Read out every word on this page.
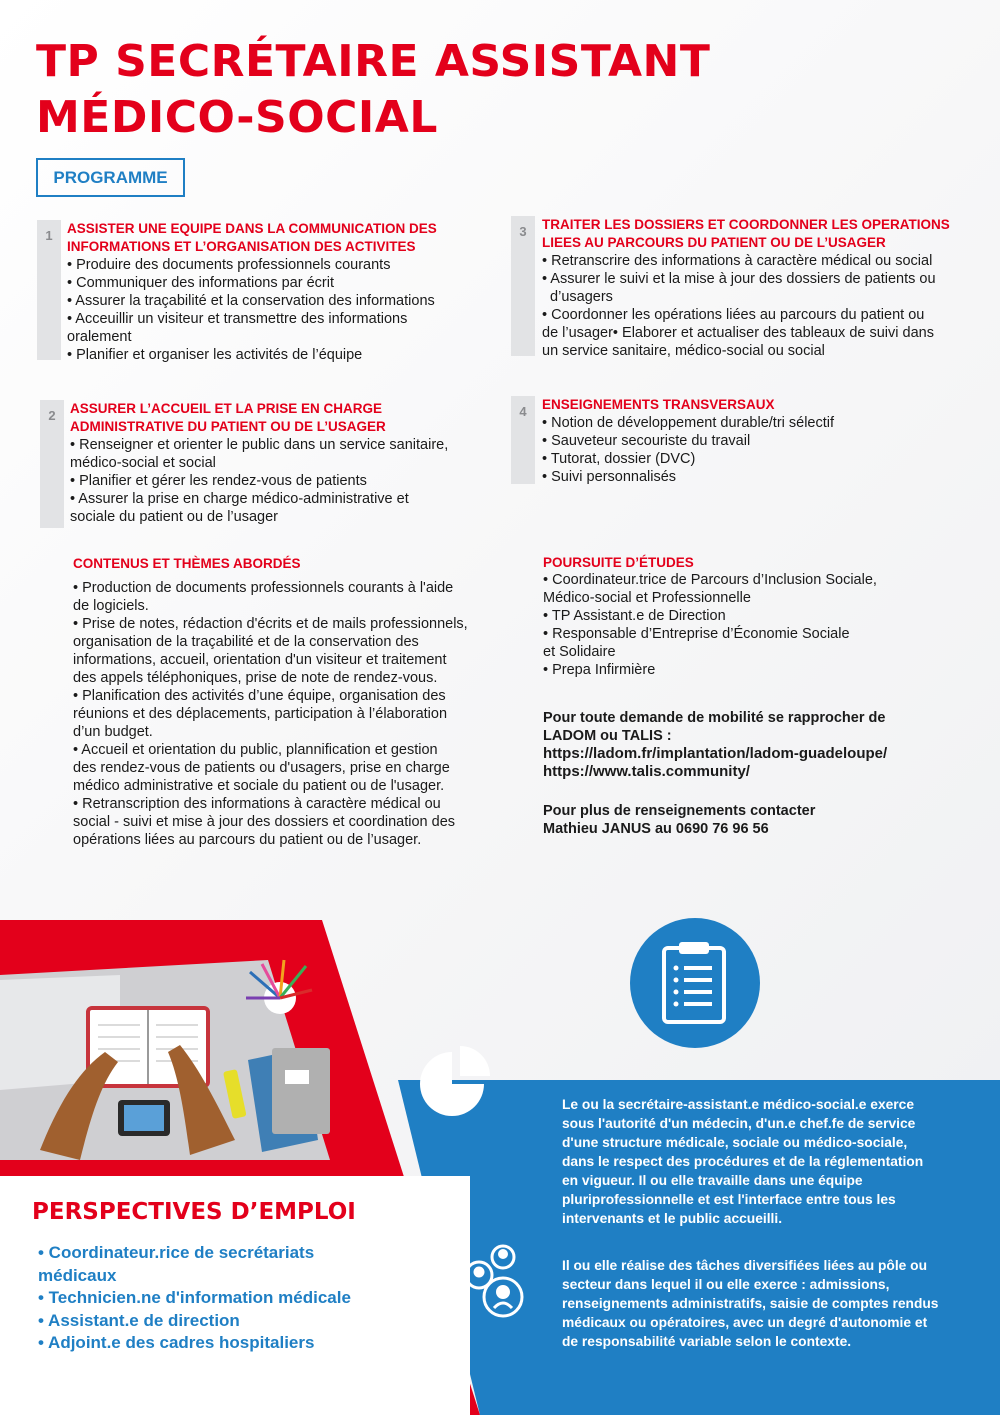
TP SECRÉTAIRE ASSISTANT
MÉDICO-SOCIAL
PROGRAMME
1	ASSISTER UNE EQUIPE DANS LA COMMUNICATION DES
INFORMATIONS ET L’ORGANISATION DES ACTIVITES
• Produire des documents professionnels courants
• Communiquer des informations par écrit
• Assurer la traçabilité et la conservation des informations
• Acceuillir un visiteur et transmettre des informations
oralement
• Planifier et organiser les activités de l’équipe
2	ASSURER L’ACCUEIL ET LA PRISE EN CHARGE
ADMINISTRATIVE DU PATIENT OU DE L’USAGER
• Renseigner et orienter le public dans un service sanitaire,
médico-social et social
• Planifier et gérer les rendez-vous de patients
• Assurer la prise en charge médico-administrative et
sociale du patient ou de l’usager
3	TRAITER LES DOSSIERS ET COORDONNER LES OPERATIONS
LIEES AU PARCOURS DU PATIENT OU DE L’USAGER
• Retranscrire des informations à caractère médical ou social
• Assurer le suivi et la mise à jour des dossiers de patients ou
d’usagers
• Coordonner les opérations liées au parcours du patient ou
de l’usager• Elaborer et actualiser des tableaux de suivi dans
un service sanitaire, médico-social ou social
4	ENSEIGNEMENTS TRANSVERSAUX
• Notion de développement durable/tri sélectif
• Sauveteur secouriste du travail
• Tutorat, dossier (DVC)
• Suivi personnalisés
CONTENUS ET THÈMES ABORDÉS
• Production de documents professionnels courants à l'aide
de logiciels.
• Prise de notes, rédaction d'écrits et de mails professionnels,
organisation de la traçabilité et de la conservation des
informations, accueil, orientation d'un visiteur et traitement
des appels téléphoniques, prise de note de rendez-vous.
• Planification des activités d’une équipe, organisation des
réunions et des déplacements, participation à l’élaboration
d’un budget.
• Accueil et orientation du public, plannification et gestion
des rendez-vous de patients ou d'usagers, prise en charge
médico administrative et sociale du patient ou de l'usager.
• Retranscription des informations à caractère médical ou
social - suivi et mise à jour des dossiers et coordination des
opérations liées au parcours du patient ou de l’usager.
POURSUITE D’ÉTUDES
• Coordinateur.trice de Parcours d’Inclusion Sociale,
Médico-social et Professionnelle
• TP Assistant.e de Direction
• Responsable d’Entreprise d’Économie Sociale
et Solidaire
• Prepa Infirmière
Pour toute demande de mobilité se rapprocher de
LADOM ou TALIS :
https://ladom.fr/implantation/ladom-guadeloupe/
https://www.talis.community/
Pour plus de renseignements contacter
Mathieu JANUS au 0690 76 96 56
Le ou la secrétaire-assistant.e médico-social.e exerce
sous l'autorité d'un médecin, d'un.e chef.fe de service
d'une structure médicale, sociale ou médico-sociale,
dans le respect des procédures et de la réglementation
en vigueur. Il ou elle travaille dans une équipe
pluriprofessionnelle et est l'interface entre tous les
intervenants et le public accueilli.
Il ou elle réalise des tâches diversifiées liées au pôle ou
secteur dans lequel il ou elle exerce : admissions,
renseignements administratifs, saisie de comptes rendus
médicaux ou opératoires, avec un degré d'autonomie et
de responsabilité variable selon le contexte.
PERSPECTIVES D’EMPLOI
• Coordinateur.rice de secrétariats
médicaux
• Technicien.ne d'information médicale
• Assistant.e de direction
• Adjoint.e des cadres hospitaliers
